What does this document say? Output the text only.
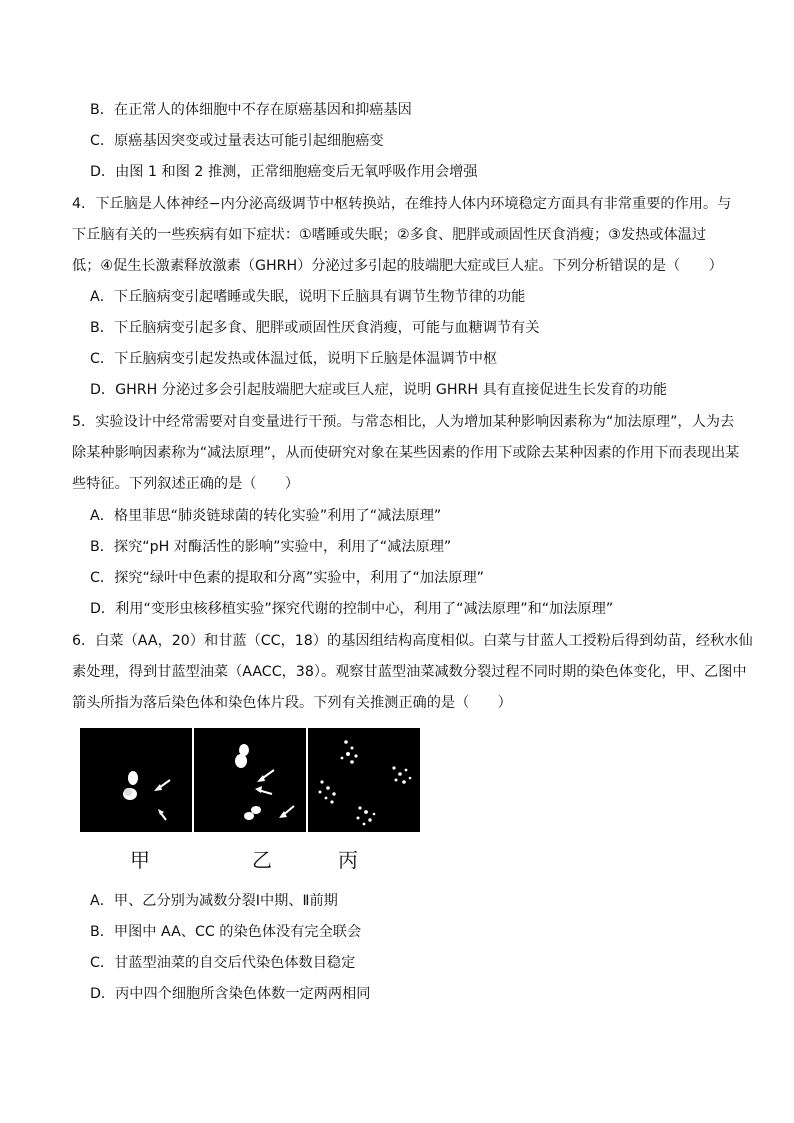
B．在正常人的体细胞中不存在原癌基因和抑癌基因
C．原癌基因突变或过量表达可能引起细胞癌变
D．由图 1 和图 2 推测，正常细胞癌变后无氧呼吸作用会增强
4．下丘脑是人体神经−内分泌高级调节中枢转换站，在维持人体内环境稳定方面具有非常重要的作用。与
下丘脑有关的一些疾病有如下症状：①嗜睡或失眠；②多食、肥胖或顽固性厌食消瘦；③发热或体温过
低；④促生长激素释放激素（GHRH）分泌过多引起的肢端肥大症或巨人症。下列分析错误的是（　　）
A．下丘脑病变引起嗜睡或失眠，说明下丘脑具有调节生物节律的功能
B．下丘脑病变引起多食、肥胖或顽固性厌食消瘦，可能与血糖调节有关
C．下丘脑病变引起发热或体温过低，说明下丘脑是体温调节中枢
D．GHRH 分泌过多会引起肢端肥大症或巨人症，说明 GHRH 具有直接促进生长发育的功能
5．实验设计中经常需要对自变量进行干预。与常态相比，人为增加某种影响因素称为“加法原理”，人为去
除某种影响因素称为“减法原理”，从而使研究对象在某些因素的作用下或除去某种因素的作用下而表现出某
些特征。下列叙述正确的是（　　）
A．格里菲思“肺炎链球菌的转化实验”利用了“减法原理”
B．探究“pH 对酶活性的影响”实验中，利用了“减法原理”
C．探究“绿叶中色素的提取和分离”实验中，利用了“加法原理”
D．利用“变形虫核移植实验”探究代谢的控制中心，利用了“减法原理”和“加法原理”
6．白菜（AA，20）和甘蓝（CC，18）的基因组结构高度相似。白菜与甘蓝人工授粉后得到幼苗，经秋水仙
素处理，得到甘蓝型油菜（AACC，38）。观察甘蓝型油菜减数分裂过程不同时期的染色体变化，甲、乙图中
箭头所指为落后染色体和染色体片段。下列有关推测正确的是（　　）
甲	乙	丙
A．甲、乙分别为减数分裂Ⅰ中期、Ⅱ前期
B．甲图中 AA、CC 的染色体没有完全联会
C．甘蓝型油菜的自交后代染色体数目稳定
D．丙中四个细胞所含染色体数一定两两相同
